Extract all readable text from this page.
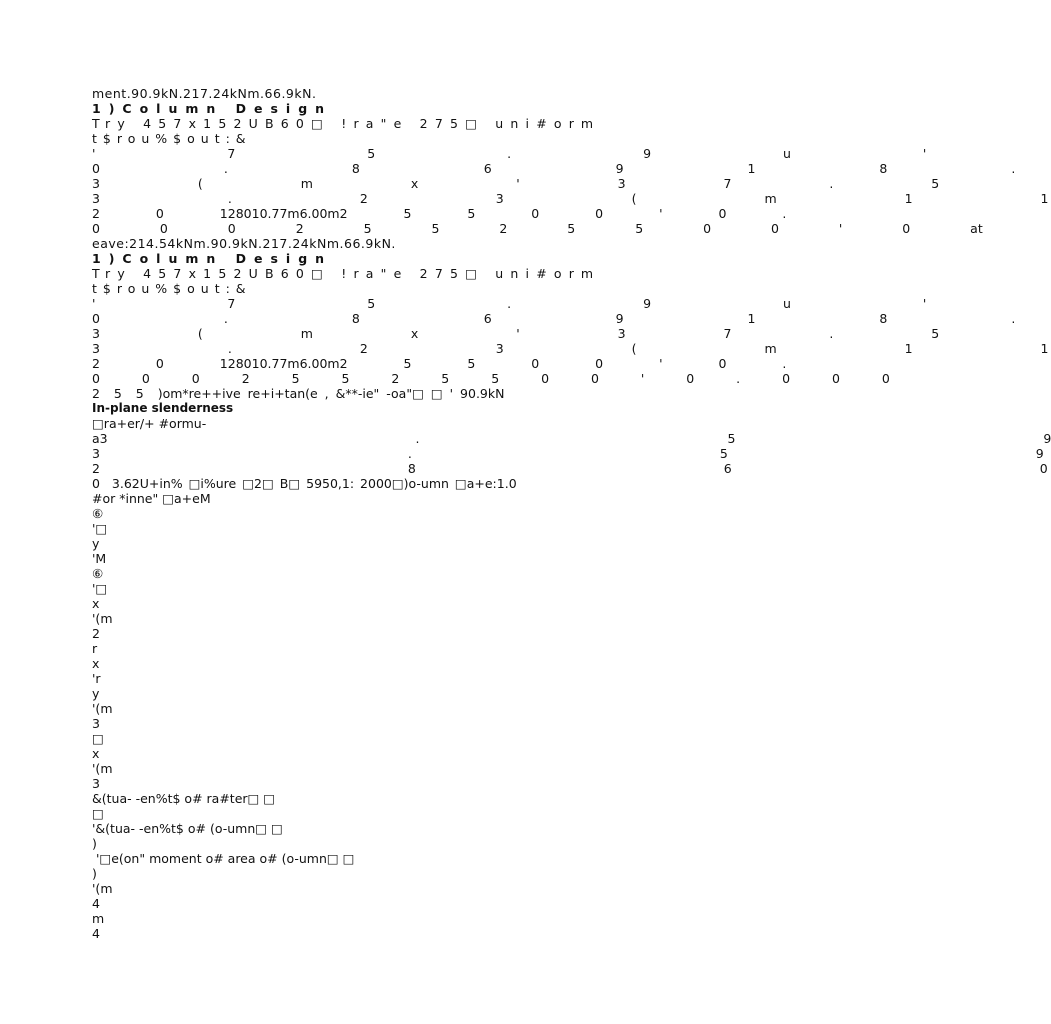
ment.90.9kN.217.24kNm.66.9kN.
1)Column Design
Try 457x152UB60□ !ra"e 275□ uni#orm
t$rou%$out:&
'  7  5  .  9  u  '
0  .  8  6  9  1  8  .
3  (  m  x  '  3  7  .  5
3  .  2  3  (  m  1  1
2  0  128010.77m6.00m2  5  5  0  0  '  0  .
0  0  0  2  5  5  2  5  5  0  0  '  0  at
eave:214.54kNm.90.9kN.217.24kNm.66.9kN.
1)Column Design
Try 457x152UB60□ !ra"e 275□ uni#orm
t$rou%$out:&
'  7  5  .  9  u  '
0  .  8  6  9  1  8  .
3  (  m  x  '  3  7  .  5
3  .  2  3  (  m  1  1
2  0  128010.77m6.00m2  5  5  0  0  '  0  .
0  0  0  2  5  5  2  5  5  0  0  '  0  .  0  0  0
2  5  5  )om*re++ive re+i+tan(e , &**-ie" -oa"□ □ ' 90.9kN
In-plane slenderness
□ra+er/+ #ormu-
a3  .  5  9
3  .  5  9
2  8  6  0
0  3.62U+in% □i%ure □2□ B□ 5950,1: 2000□)o-umn □a+e:1.0
#or *inne" □a+eM
⑥
'□
y
'M
⑥
'□
x
'(m
2
r
x
'r
y
'(m
3
□
x
'(m
3
&(tua- -en%t$ o# ra#ter□ □
□
'&(tua- -en%t$ o# (o-umn□ □
)
'□e(on" moment o# area o# (o-umn□ □
)
'(m
4
m
4
